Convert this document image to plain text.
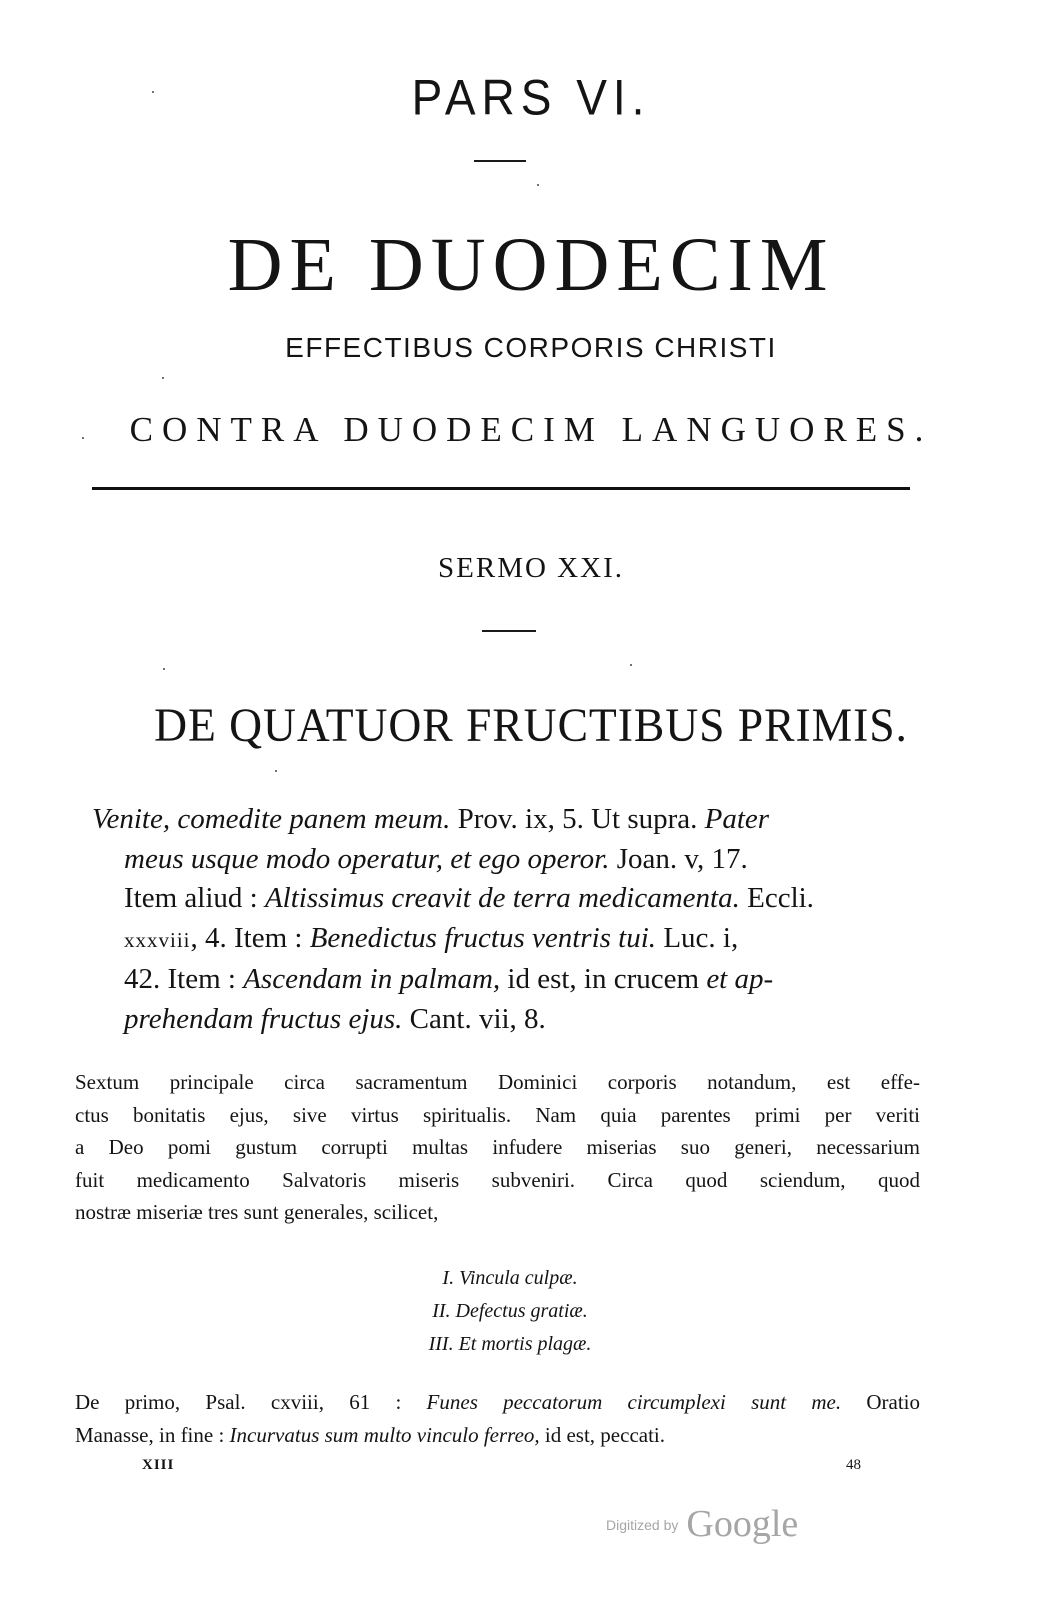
PARS VI.
DE DUODECIM
EFFECTIBUS CORPORIS CHRISTI
CONTRA DUODECIM LANGUORES.
SERMO XXI.
DE QUATUOR FRUCTIBUS PRIMIS.
Venite, comedite panem meum. Prov. ix, 5. Ut supra. Pater
meus usque modo operatur, et ego operor. Joan. v, 17.
Item aliud : Altissimus creavit de terra medicamenta. Eccli.
xxxviii, 4. Item : Benedictus fructus ventris tui. Luc. i,
42. Item : Ascendam in palmam, id est, in crucem et ap-
prehendam fructus ejus. Cant. vii, 8.
Sextum principale circa sacramentum Dominici corporis notandum, est effe-
ctus bonitatis ejus, sive virtus spiritualis. Nam quia parentes primi per veriti
a Deo pomi gustum corrupti multas infudere miserias suo generi, necessarium
fuit medicamento Salvatoris miseris subveniri. Circa quod sciendum, quod
nostræ miseriæ tres sunt generales, scilicet,
I. Vincula culpæ.
II. Defectus gratiæ.
III. Et mortis plagæ.
De primo, Psal. cxviii, 61 : Funes peccatorum circumplexi sunt me. Oratio
Manasse, in fine : Incurvatus sum multo vinculo ferreo, id est, peccati.
XIII	48
Digitized by Google
